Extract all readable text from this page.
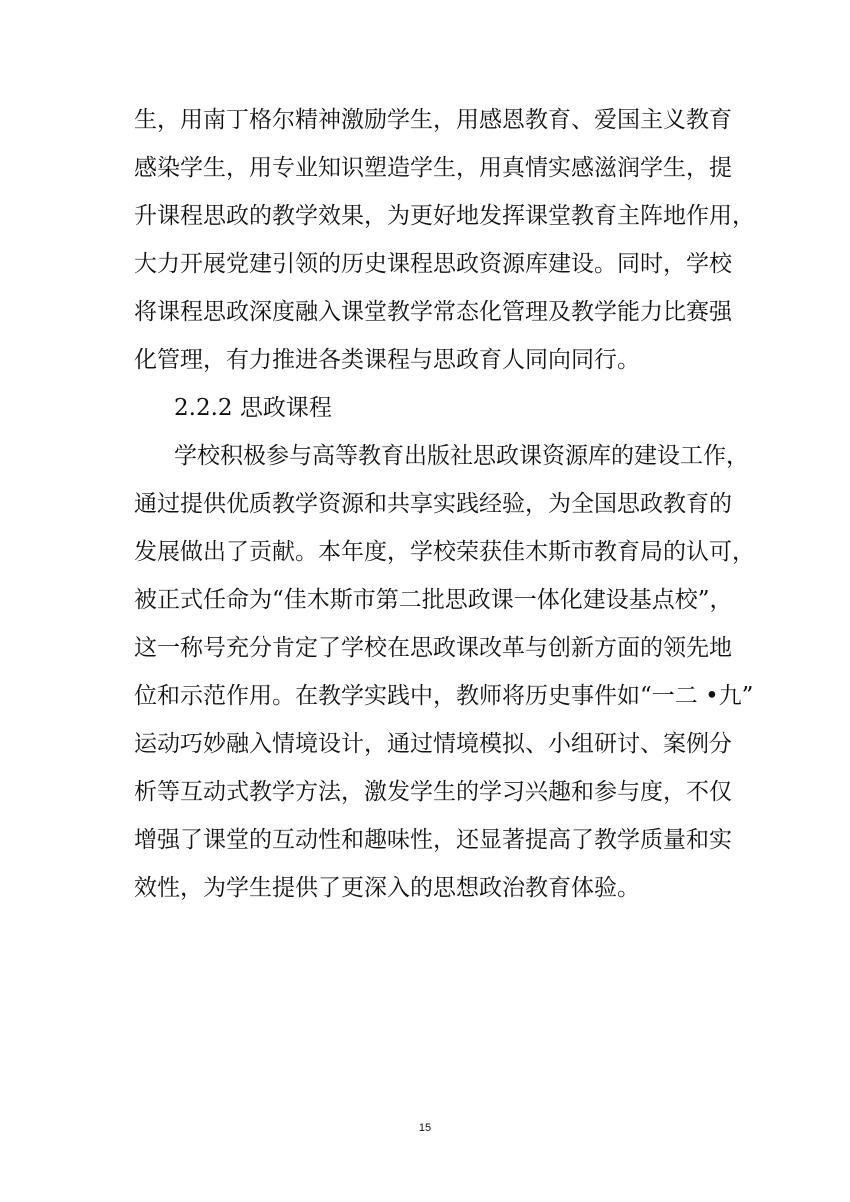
生，用南丁格尔精神激励学生，用感恩教育、爱国主义教育
感染学生，用专业知识塑造学生，用真情实感滋润学生，提
升课程思政的教学效果，为更好地发挥课堂教育主阵地作用，
大力开展党建引领的历史课程思政资源库建设。同时，学校
将课程思政深度融入课堂教学常态化管理及教学能力比赛强
化管理，有力推进各类课程与思政育人同向同行。
2.2.2 思政课程
学校积极参与高等教育出版社思政课资源库的建设工作，
通过提供优质教学资源和共享实践经验，为全国思政教育的
发展做出了贡献。本年度，学校荣获佳木斯市教育局的认可，
被正式任命为“佳木斯市第二批思政课一体化建设基点校”，
这一称号充分肯定了学校在思政课改革与创新方面的领先地
位和示范作用。在教学实践中，教师将历史事件如“一二 •九”
运动巧妙融入情境设计，通过情境模拟、小组研讨、案例分
析等互动式教学方法，激发学生的学习兴趣和参与度，不仅
增强了课堂的互动性和趣味性，还显著提高了教学质量和实
效性，为学生提供了更深入的思想政治教育体验。
15
